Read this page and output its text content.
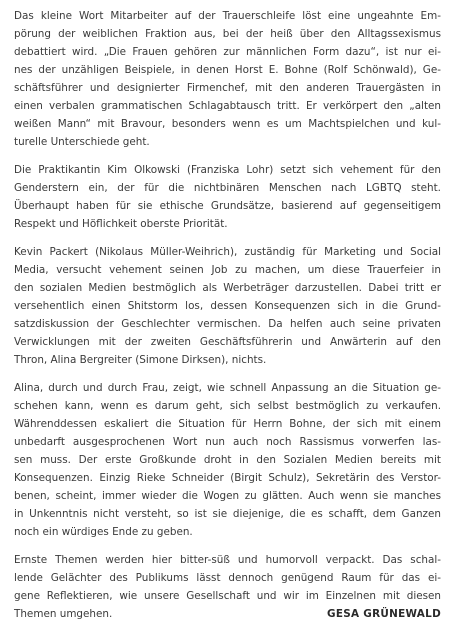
Das kleine Wort Mitarbeiter auf der Trauerschleife löst eine ungeahnte Em-
pörung der weiblichen Fraktion aus, bei der heiß über den Alltagssexismus
debattiert wird. „Die Frauen gehören zur männlichen Form dazu“, ist nur ei-
nes der unzähligen Beispiele, in denen Horst E. Bohne (Rolf Schönwald), Ge-
schäftsführer und designierter Firmenchef, mit den anderen Trauergästen in
einen verbalen grammatischen Schlagabtausch tritt. Er verkörpert den „alten
weißen Mann“ mit Bravour, besonders wenn es um Machtspielchen und kul-
turelle Unterschiede geht.
Die Praktikantin Kim Olkowski (Franziska Lohr) setzt sich vehement für den
Genderstern ein, der für die nichtbinären Menschen nach LGBTQ steht.
Überhaupt haben für sie ethische Grundsätze, basierend auf gegenseitigem
Respekt und Höflichkeit oberste Priorität.
Kevin Packert (Nikolaus Müller-Weihrich), zuständig für Marketing und Social
Media, versucht vehement seinen Job zu machen, um diese Trauerfeier in
den sozialen Medien bestmöglich als Werbeträger darzustellen. Dabei tritt er
versehentlich einen Shitstorm los, dessen Konsequenzen sich in die Grund-
satzdiskussion der Geschlechter vermischen. Da helfen auch seine privaten
Verwicklungen mit der zweiten Geschäftsführerin und Anwärterin auf den
Thron, Alina Bergreiter (Simone Dirksen), nichts.
Alina, durch und durch Frau, zeigt, wie schnell Anpassung an die Situation ge-
schehen kann, wenn es darum geht, sich selbst bestmöglich zu verkaufen.
Währenddessen eskaliert die Situation für Herrn Bohne, der sich mit einem
unbedarft ausgesprochenen Wort nun auch noch Rassismus vorwerfen las-
sen muss. Der erste Großkunde droht in den Sozialen Medien bereits mit
Konsequenzen. Einzig Rieke Schneider (Birgit Schulz), Sekretärin des Verstor-
benen, scheint, immer wieder die Wogen zu glätten. Auch wenn sie manches
in Unkenntnis nicht versteht, so ist sie diejenige, die es schafft, dem Ganzen
noch ein würdiges Ende zu geben.
Ernste Themen werden hier bitter-süß und humorvoll verpackt. Das schal-
lende Gelächter des Publikums lässt dennoch genügend Raum für das ei-
gene Reflektieren, wie unsere Gesellschaft und wir im Einzelnen mit diesen
Themen umgehen.	GESA GRÜNEWALD
